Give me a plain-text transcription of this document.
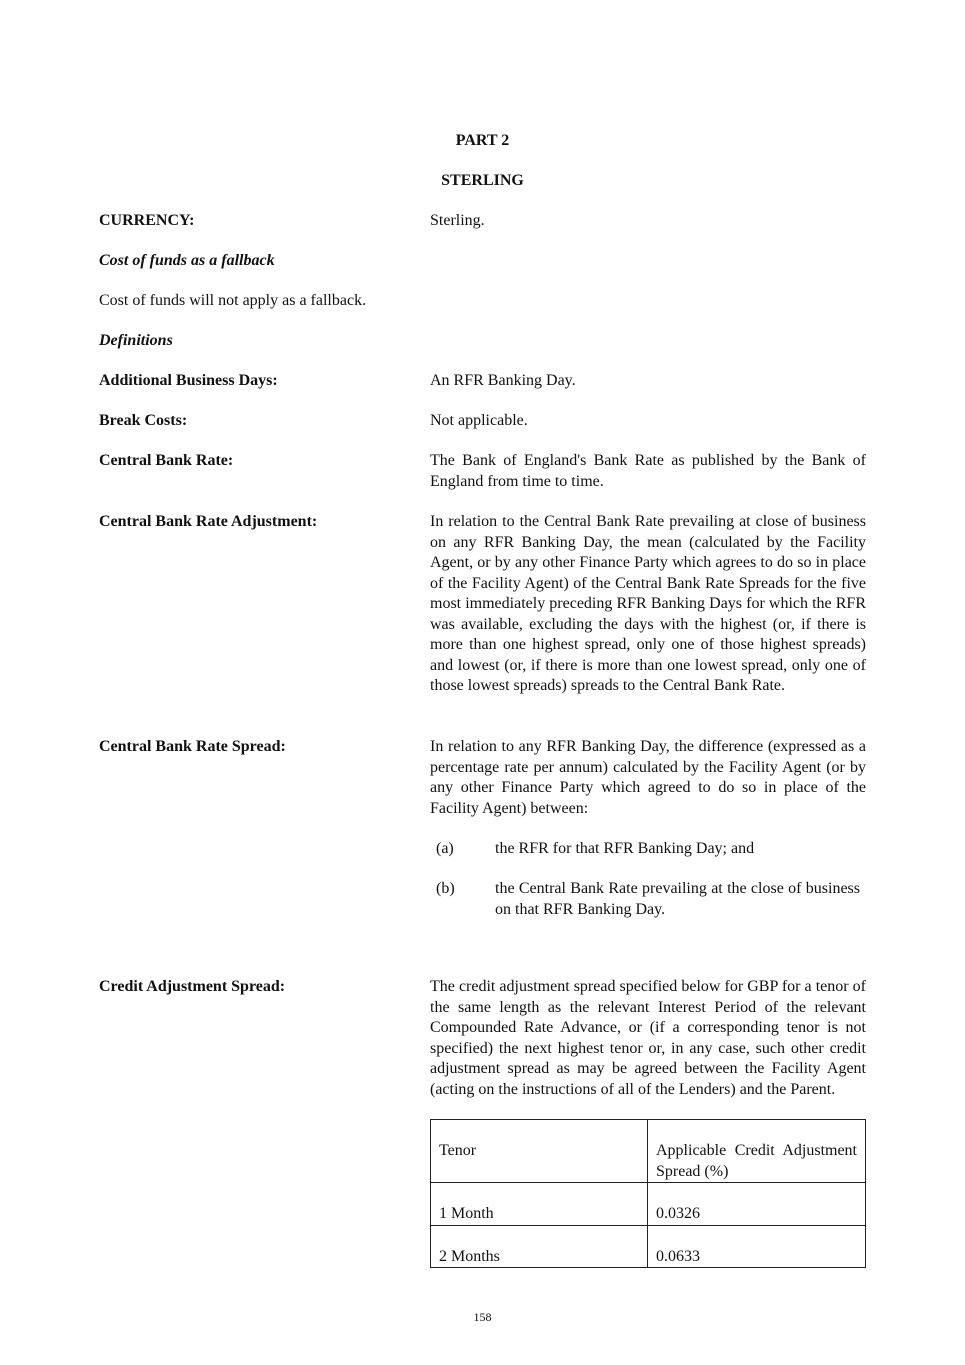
PART 2

STERLING

CURRENCY:	Sterling.

Cost of funds as a fallback

Cost of funds will not apply as a fallback.

Definitions

Additional Business Days:	An RFR Banking Day.

Break Costs:	Not applicable.

Central Bank Rate:	The Bank of England's Bank Rate as published by the Bank of England from time to time.

Central Bank Rate Adjustment:	In relation to the Central Bank Rate prevailing at close of business on any RFR Banking Day, the mean (calculated by the Facility Agent, or by any other Finance Party which agrees to do so in place of the Facility Agent) of the Central Bank Rate Spreads for the five most immediately preceding RFR Banking Days for which the RFR was available, excluding the days with the highest (or, if there is more than one highest spread, only one of those highest spreads) and lowest (or, if there is more than one lowest spread, only one of those lowest spreads) spreads to the Central Bank Rate.

Central Bank Rate Spread:	In relation to any RFR Banking Day, the difference (expressed as a percentage rate per annum) calculated by the Facility Agent (or by any other Finance Party which agreed to do so in place of the Facility Agent) between:

(a)	the RFR for that RFR Banking Day; and

(b)	the Central Bank Rate prevailing at the close of business on that RFR Banking Day.

Credit Adjustment Spread:	The credit adjustment spread specified below for GBP for a tenor of the same length as the relevant Interest Period of the relevant Compounded Rate Advance, or (if a corresponding tenor is not specified) the next highest tenor or, in any case, such other credit adjustment spread as may be agreed between the Facility Agent (acting on the instructions of all of the Lenders) and the Parent.

Tenor	Applicable Credit Adjustment Spread (%)
1 Month	0.0326
2 Months	0.0633

158
